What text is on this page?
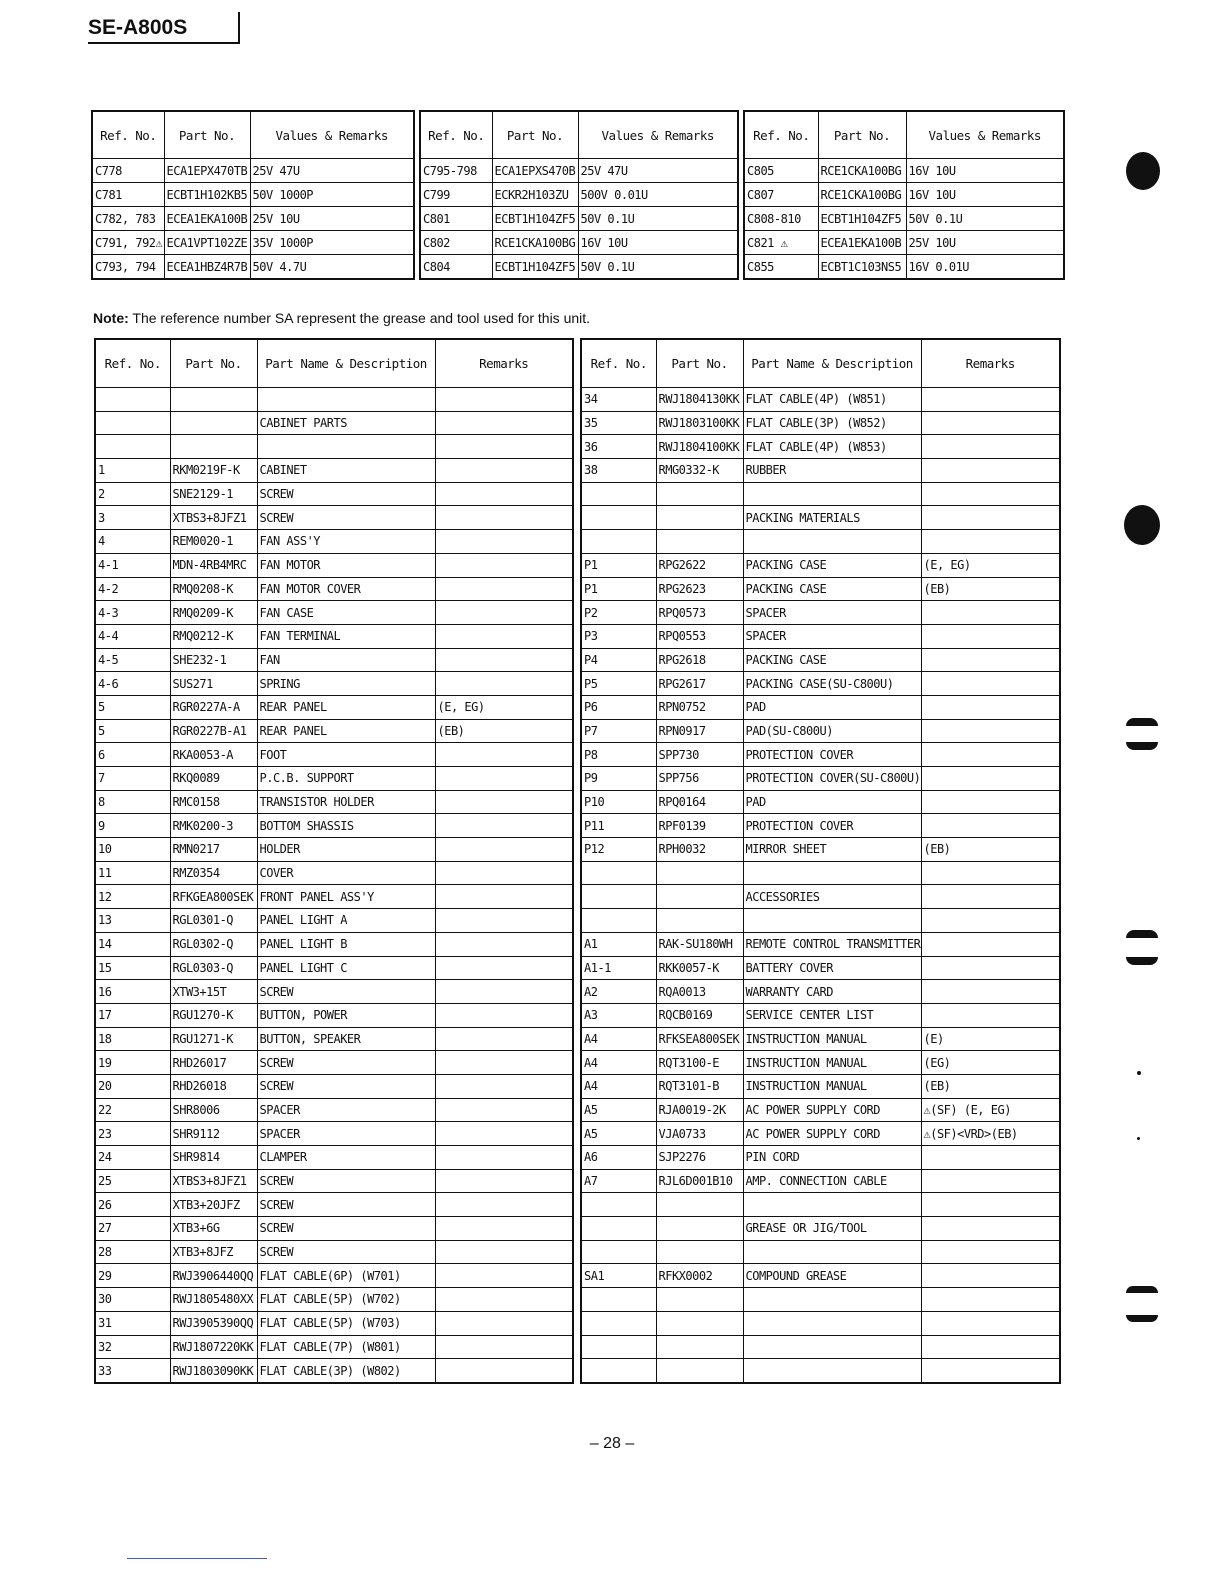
SE-A800S
Ref. No.	Part No.	Values & Remarks
C778	ECA1EPX470TB	25V 47U
C781	ECBT1H102KB5	50V 1000P
C782, 783	ECEA1EKA100B	25V 10U
C791, 792⚠	ECA1VPT102ZE	35V 1000P
C793, 794	ECEA1HBZ4R7B	50V 4.7U
Ref. No.	Part No.	Values & Remarks
C795-798	ECA1EPXS470B	25V 47U
C799	ECKR2H103ZU	500V 0.01U
C801	ECBT1H104ZF5	50V 0.1U
C802	RCE1CKA100BG	16V 10U
C804	ECBT1H104ZF5	50V 0.1U
Ref. No.	Part No.	Values & Remarks
C805	RCE1CKA100BG	16V 10U
C807	RCE1CKA100BG	16V 10U
C808-810	ECBT1H104ZF5	50V 0.1U
C821 ⚠	ECEA1EKA100B	25V 10U
C855	ECBT1C103NS5	16V 0.01U
Note: The reference number SA represent the grease and tool used for this unit.
Ref. No.	Part No.	Part Name & Description	Remarks

		CABINET PARTS	

1	RKM0219F-K	CABINET	
2	SNE2129-1	SCREW	
3	XTBS3+8JFZ1	SCREW	
4	REM0020-1	FAN ASS'Y	
4-1	MDN-4RB4MRC	FAN MOTOR	
4-2	RMQ0208-K	FAN MOTOR COVER	
4-3	RMQ0209-K	FAN CASE	
4-4	RMQ0212-K	FAN TERMINAL	
4-5	SHE232-1	FAN	
4-6	SUS271	SPRING	
5	RGR0227A-A	REAR PANEL	(E, EG)
5	RGR0227B-A1	REAR PANEL	(EB)
6	RKA0053-A	FOOT	
7	RKQ0089	P.C.B. SUPPORT	
8	RMC0158	TRANSISTOR HOLDER	
9	RMK0200-3	BOTTOM SHASSIS	
10	RMN0217	HOLDER	
11	RMZ0354	COVER	
12	RFKGEA800SEK	FRONT PANEL ASS'Y	
13	RGL0301-Q	PANEL LIGHT A	
14	RGL0302-Q	PANEL LIGHT B	
15	RGL0303-Q	PANEL LIGHT C	
16	XTW3+15T	SCREW	
17	RGU1270-K	BUTTON, POWER	
18	RGU1271-K	BUTTON, SPEAKER	
19	RHD26017	SCREW	
20	RHD26018	SCREW	
22	SHR8006	SPACER	
23	SHR9112	SPACER	
24	SHR9814	CLAMPER	
25	XTBS3+8JFZ1	SCREW	
26	XTB3+20JFZ	SCREW	
27	XTB3+6G	SCREW	
28	XTB3+8JFZ	SCREW	
29	RWJ3906440QQ	FLAT CABLE(6P) (W701)	
30	RWJ1805480XX	FLAT CABLE(5P) (W702)	
31	RWJ3905390QQ	FLAT CABLE(5P) (W703)	
32	RWJ1807220KK	FLAT CABLE(7P) (W801)	
33	RWJ1803090KK	FLAT CABLE(3P) (W802)	
Ref. No.	Part No.	Part Name & Description	Remarks
34	RWJ1804130KK	FLAT CABLE(4P) (W851)	
35	RWJ1803100KK	FLAT CABLE(3P) (W852)	
36	RWJ1804100KK	FLAT CABLE(4P) (W853)	
38	RMG0332-K	RUBBER	

		PACKING MATERIALS	

P1	RPG2622	PACKING CASE	(E, EG)
P1	RPG2623	PACKING CASE	(EB)
P2	RPQ0573	SPACER	
P3	RPQ0553	SPACER	
P4	RPG2618	PACKING CASE	
P5	RPG2617	PACKING CASE(SU-C800U)	
P6	RPN0752	PAD	
P7	RPN0917	PAD(SU-C800U)	
P8	SPP730	PROTECTION COVER	
P9	SPP756	PROTECTION COVER(SU-C800U)	
P10	RPQ0164	PAD	
P11	RPF0139	PROTECTION COVER	
P12	RPH0032	MIRROR SHEET	(EB)

		ACCESSORIES	

A1	RAK-SU180WH	REMOTE CONTROL TRANSMITTER	
A1-1	RKK0057-K	BATTERY COVER	
A2	RQA0013	WARRANTY CARD	
A3	RQCB0169	SERVICE CENTER LIST	
A4	RFKSEA800SEK	INSTRUCTION MANUAL	(E)
A4	RQT3100-E	INSTRUCTION MANUAL	(EG)
A4	RQT3101-B	INSTRUCTION MANUAL	(EB)
A5	RJA0019-2K	AC POWER SUPPLY CORD	⚠(SF) (E, EG)
A5	VJA0733	AC POWER SUPPLY CORD	⚠(SF)<VRD>(EB)
A6	SJP2276	PIN CORD	
A7	RJL6D001B10	AMP. CONNECTION CABLE	

		GREASE OR JIG/TOOL	

SA1	RFKX0002	COMPOUND GREASE	

– 28 –
